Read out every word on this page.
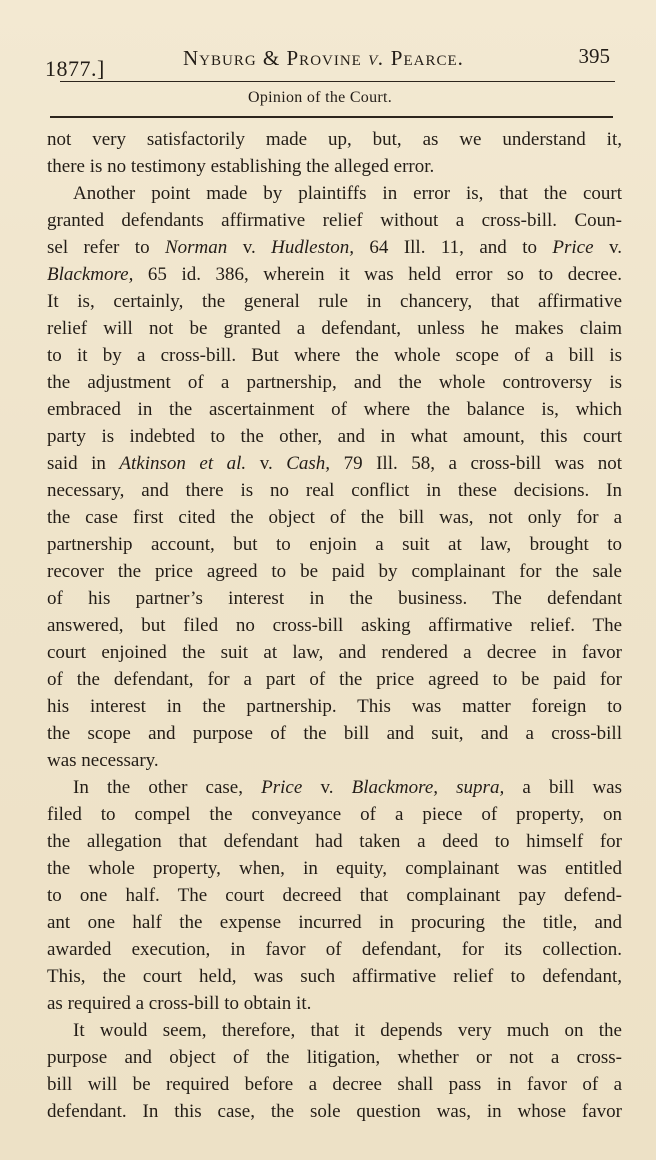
1877.]	Nyburg & Provine v. Pearce.	395
Opinion of the Court.
not very satisfactorily made up, but, as we understand it,
there is no testimony establishing the alleged error.
Another point made by plaintiffs in error is, that the court
granted defendants affirmative relief without a cross-bill. Coun-
sel refer to Norman v. Hudleston, 64 Ill. 11, and to Price v.
Blackmore, 65 id. 386, wherein it was held error so to decree.
It is, certainly, the general rule in chancery, that affirmative
relief will not be granted a defendant, unless he makes claim
to it by a cross-bill. But where the whole scope of a bill is
the adjustment of a partnership, and the whole controversy is
embraced in the ascertainment of where the balance is, which
party is indebted to the other, and in what amount, this court
said in Atkinson et al. v. Cash, 79 Ill. 58, a cross-bill was not
necessary, and there is no real conflict in these decisions. In
the case first cited the object of the bill was, not only for a
partnership account, but to enjoin a suit at law, brought to
recover the price agreed to be paid by complainant for the sale
of his partner’s interest in the business. The defendant
answered, but filed no cross-bill asking affirmative relief. The
court enjoined the suit at law, and rendered a decree in favor
of the defendant, for a part of the price agreed to be paid for
his interest in the partnership. This was matter foreign to
the scope and purpose of the bill and suit, and a cross-bill
was necessary.
In the other case, Price v. Blackmore, supra, a bill was
filed to compel the conveyance of a piece of property, on
the allegation that defendant had taken a deed to himself for
the whole property, when, in equity, complainant was entitled
to one half. The court decreed that complainant pay defend-
ant one half the expense incurred in procuring the title, and
awarded execution, in favor of defendant, for its collection.
This, the court held, was such affirmative relief to defendant,
as required a cross-bill to obtain it.
It would seem, therefore, that it depends very much on the
purpose and object of the litigation, whether or not a cross-
bill will be required before a decree shall pass in favor of a
defendant. In this case, the sole question was, in whose favor
